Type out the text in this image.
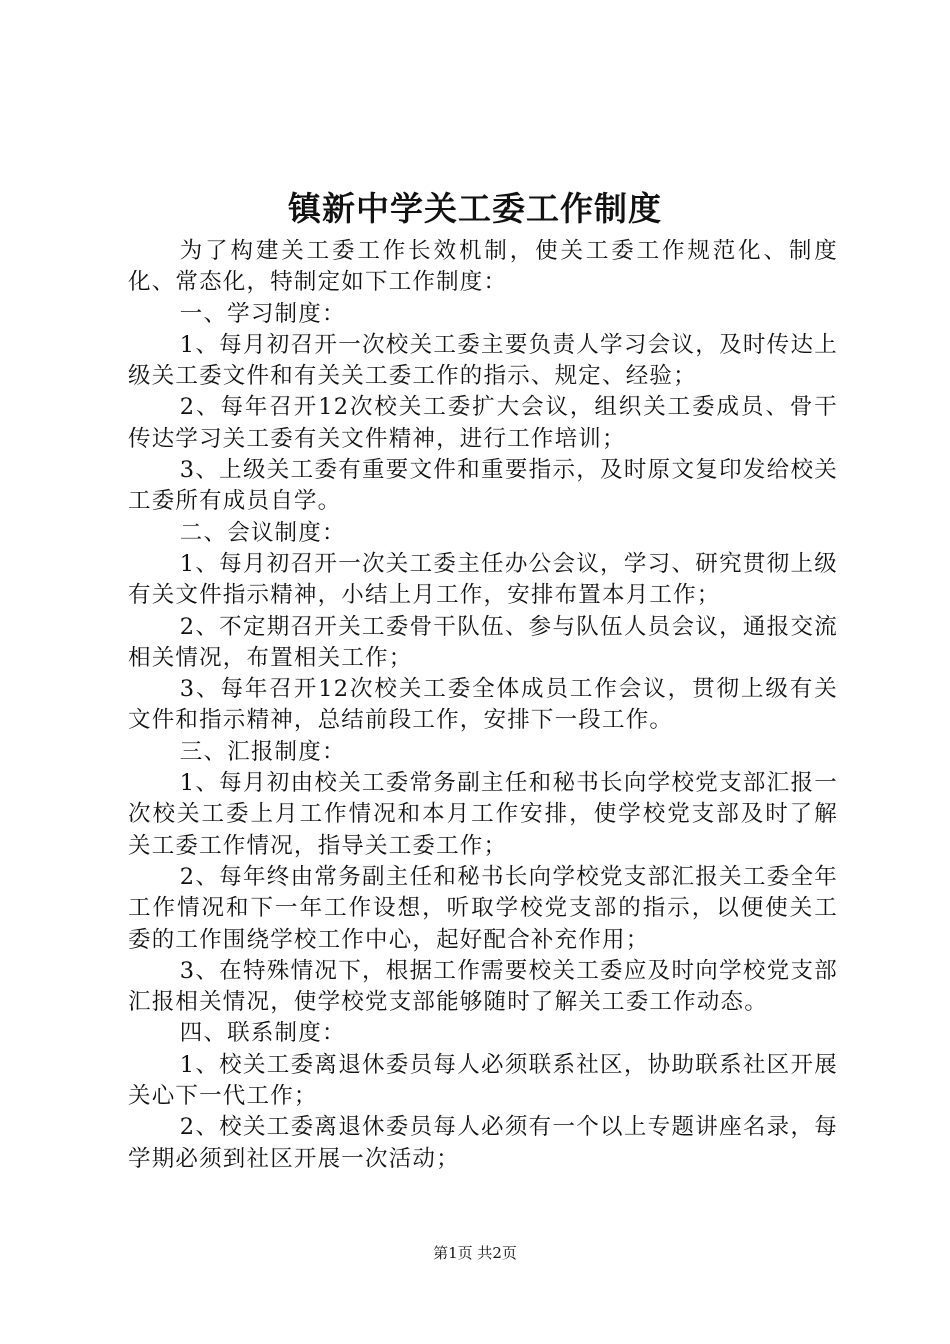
镇新中学关工委工作制度

为了构建关工委工作长效机制，使关工委工作规范化、制度化、常态化，特制定如下工作制度：

一、学习制度：

1、每月初召开一次校关工委主要负责人学习会议，及时传达上级关工委文件和有关关工委工作的指示、规定、经验；

2、每年召开12次校关工委扩大会议，组织关工委成员、骨干传达学习关工委有关文件精神，进行工作培训；

3、上级关工委有重要文件和重要指示，及时原文复印发给校关工委所有成员自学。

二、会议制度：

1、每月初召开一次关工委主任办公会议，学习、研究贯彻上级有关文件指示精神，小结上月工作，安排布置本月工作；

2、不定期召开关工委骨干队伍、参与队伍人员会议，通报交流相关情况，布置相关工作；

3、每年召开12次校关工委全体成员工作会议，贯彻上级有关文件和指示精神，总结前段工作，安排下一段工作。

三、汇报制度：

1、每月初由校关工委常务副主任和秘书长向学校党支部汇报一次校关工委上月工作情况和本月工作安排，使学校党支部及时了解关工委工作情况，指导关工委工作；

2、每年终由常务副主任和秘书长向学校党支部汇报关工委全年工作情况和下一年工作设想，听取学校党支部的指示，以便使关工委的工作围绕学校工作中心，起好配合补充作用；

3、在特殊情况下，根据工作需要校关工委应及时向学校党支部汇报相关情况，使学校党支部能够随时了解关工委工作动态。

四、联系制度：

1、校关工委离退休委员每人必须联系社区，协助联系社区开展关心下一代工作；

2、校关工委离退休委员每人必须有一个以上专题讲座名录，每学期必须到社区开展一次活动；

第1页 共2页
